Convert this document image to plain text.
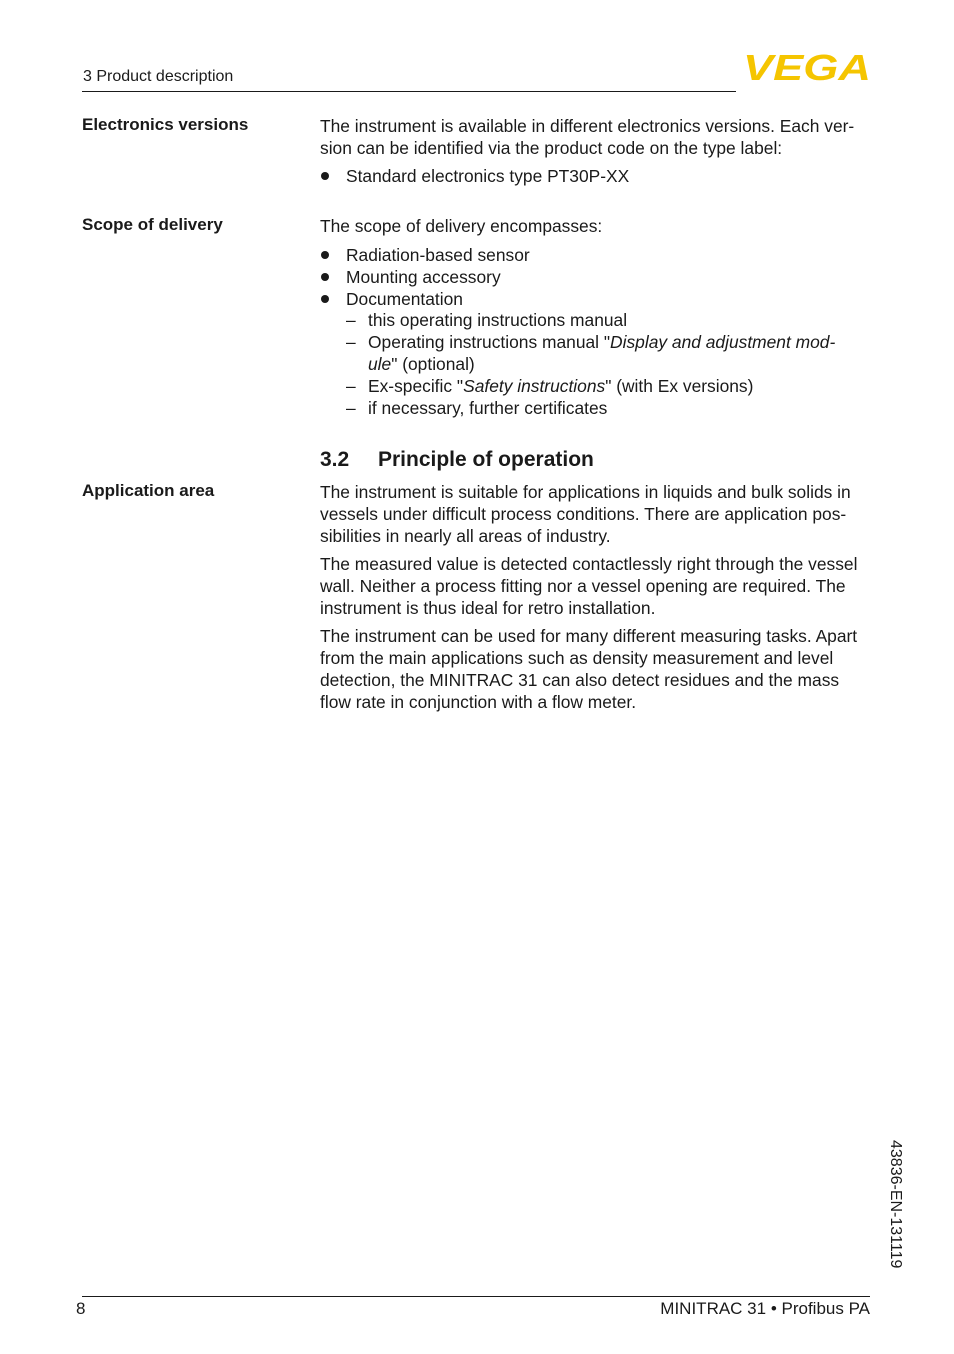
3 Product description	VEGA
Electronics versions	The instrument is available in different electronics versions. Each ver-
sion can be identified via the product code on the type label:
Standard electronics type PT30P-XX
Scope of delivery	The scope of delivery encompasses:
Radiation-based sensor
Mounting accessory
Documentation
– this operating instructions manual
– Operating instructions manual "Display and adjustment mod-
ule" (optional)
– Ex-specific "Safety instructions" (with Ex versions)
– if necessary, further certificates
3.2 Principle of operation
Application area	The instrument is suitable for applications in liquids and bulk solids in
vessels under difficult process conditions. There are application pos-
sibilities in nearly all areas of industry.
The measured value is detected contactlessly right through the vessel
wall. Neither a process fitting nor a vessel opening are required. The
instrument is thus ideal for retro installation.
The instrument can be used for many different measuring tasks. Apart
from the main applications such as density measurement and level
detection, the MINITRAC 31 can also detect residues and the mass
flow rate in conjunction with a flow meter.
43836-EN-131119
8	MINITRAC 31 • Profibus PA
